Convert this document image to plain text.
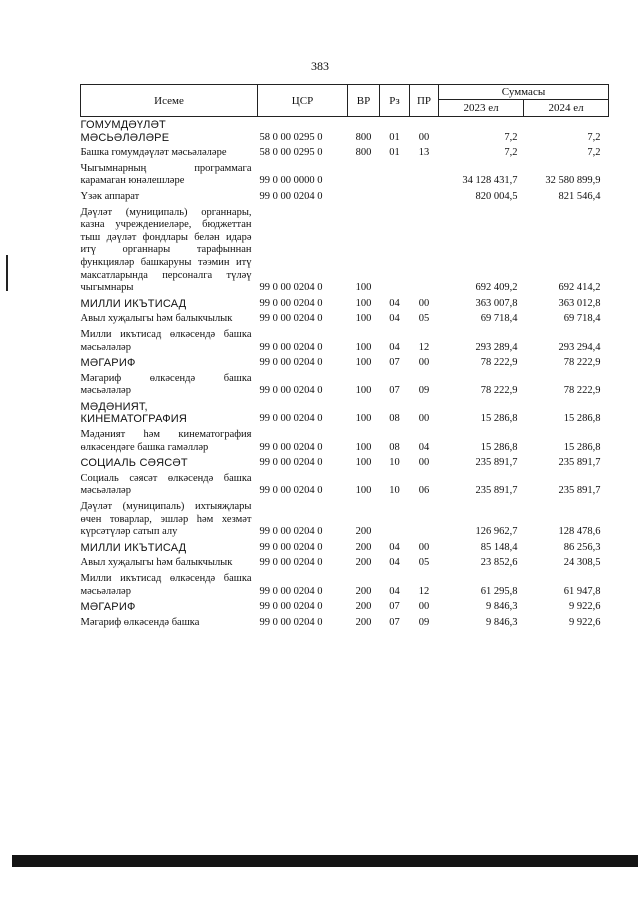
383
Исеме	ЦСР	ВР	Рз	ПР	Суммасы	
					2023 ел	2024 ел
ГОМУМДӘҮЛӘТ МӘСЬӘЛӘЛӘРЕ	58 0 00 0295 0	800	01	00	7,2	7,2
Башка гомумдәүләт мәсьәләләре	58 0 00 0295 0	800	01	13	7,2	7,2
Чыгымнарның программага карамаган юнәлешләре	99 0 00 0000 0				34 128 431,7	32 580 899,9
Үзәк аппарат	99 0 00 0204 0				820 004,5	821 546,4
Дәүләт (муниципаль) органнары, казна учреждениеләре, бюджеттан тыш дәүләт фондлары белән идарә итү органнары тарафыннан функцияләр башкаруны тәэмин итү максатларында персоналга түләү чыгымнары	99 0 00 0204 0	100			692 409,2	692 414,2
МИЛЛИ ИКЪТИСАД	99 0 00 0204 0	100	04	00	363 007,8	363 012,8
Авыл хуҗалыгы һәм балыкчылык	99 0 00 0204 0	100	04	05	69 718,4	69 718,4
Милли икътисад өлкәсендә башка мәсьәләләр	99 0 00 0204 0	100	04	12	293 289,4	293 294,4
МӘГАРИФ	99 0 00 0204 0	100	07	00	78 222,9	78 222,9
Мәгариф өлкәсендә башка мәсьәләләр	99 0 00 0204 0	100	07	09	78 222,9	78 222,9
МӘДӘНИЯТ, КИНЕМАТОГРАФИЯ	99 0 00 0204 0	100	08	00	15 286,8	15 286,8
Мәдәният һәм кинематография өлкәсендәге башка гамәлләр	99 0 00 0204 0	100	08	04	15 286,8	15 286,8
СОЦИАЛЬ СӘЯСӘТ	99 0 00 0204 0	100	10	00	235 891,7	235 891,7
Социаль сәясәт өлкәсендә башка мәсьәләләр	99 0 00 0204 0	100	10	06	235 891,7	235 891,7
Дәүләт (муниципаль) ихтыяҗлары өчен товарлар, эшләр һәм хезмәт күрсәтүләр сатып алу	99 0 00 0204 0	200			126 962,7	128 478,6
МИЛЛИ ИКЪТИСАД	99 0 00 0204 0	200	04	00	85 148,4	86 256,3
Авыл хуҗалыгы һәм балыкчылык	99 0 00 0204 0	200	04	05	23 852,6	24 308,5
Милли икътисад өлкәсендә башка мәсьәләләр	99 0 00 0204 0	200	04	12	61 295,8	61 947,8
МӘГАРИФ	99 0 00 0204 0	200	07	00	9 846,3	9 922,6
Мәгариф өлкәсендә башка	99 0 00 0204 0	200	07	09	9 846,3	9 922,6
